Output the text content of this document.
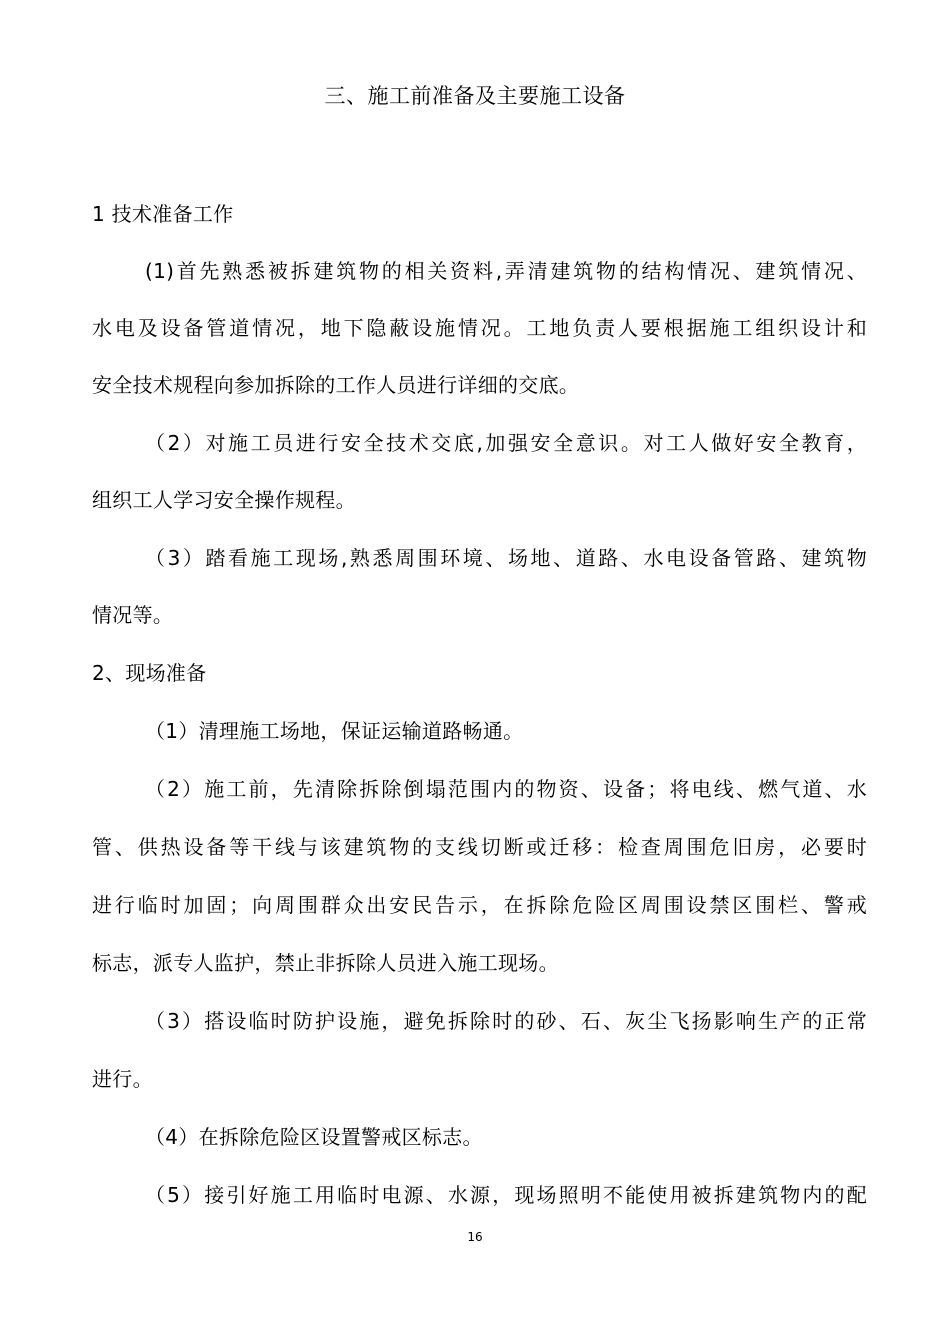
三、施工前准备及主要施工设备
1 技术准备工作
(1)首先熟悉被拆建筑物的相关资料,弄清建筑物的结构情况、建筑情况、
水电及设备管道情况，地下隐蔽设施情况。工地负责人要根据施工组织设计和
安全技术规程向参加拆除的工作人员进行详细的交底。
（2）对施工员进行安全技术交底,加强安全意识。对工人做好安全教育，
组织工人学习安全操作规程。
（3）踏看施工现场,熟悉周围环境、场地、道路、水电设备管路、建筑物
情况等。
2、现场准备
（1）清理施工场地，保证运输道路畅通。
（2）施工前，先清除拆除倒塌范围内的物资、设备；将电线、燃气道、水
管、供热设备等干线与该建筑物的支线切断或迁移：检查周围危旧房，必要时
进行临时加固；向周围群众出安民告示，在拆除危险区周围设禁区围栏、警戒
标志，派专人监护，禁止非拆除人员进入施工现场。
（3）搭设临时防护设施，避免拆除时的砂、石、灰尘飞扬影响生产的正常
进行。
（4）在拆除危险区设置警戒区标志。
（5）接引好施工用临时电源、水源，现场照明不能使用被拆建筑物内的配
16
